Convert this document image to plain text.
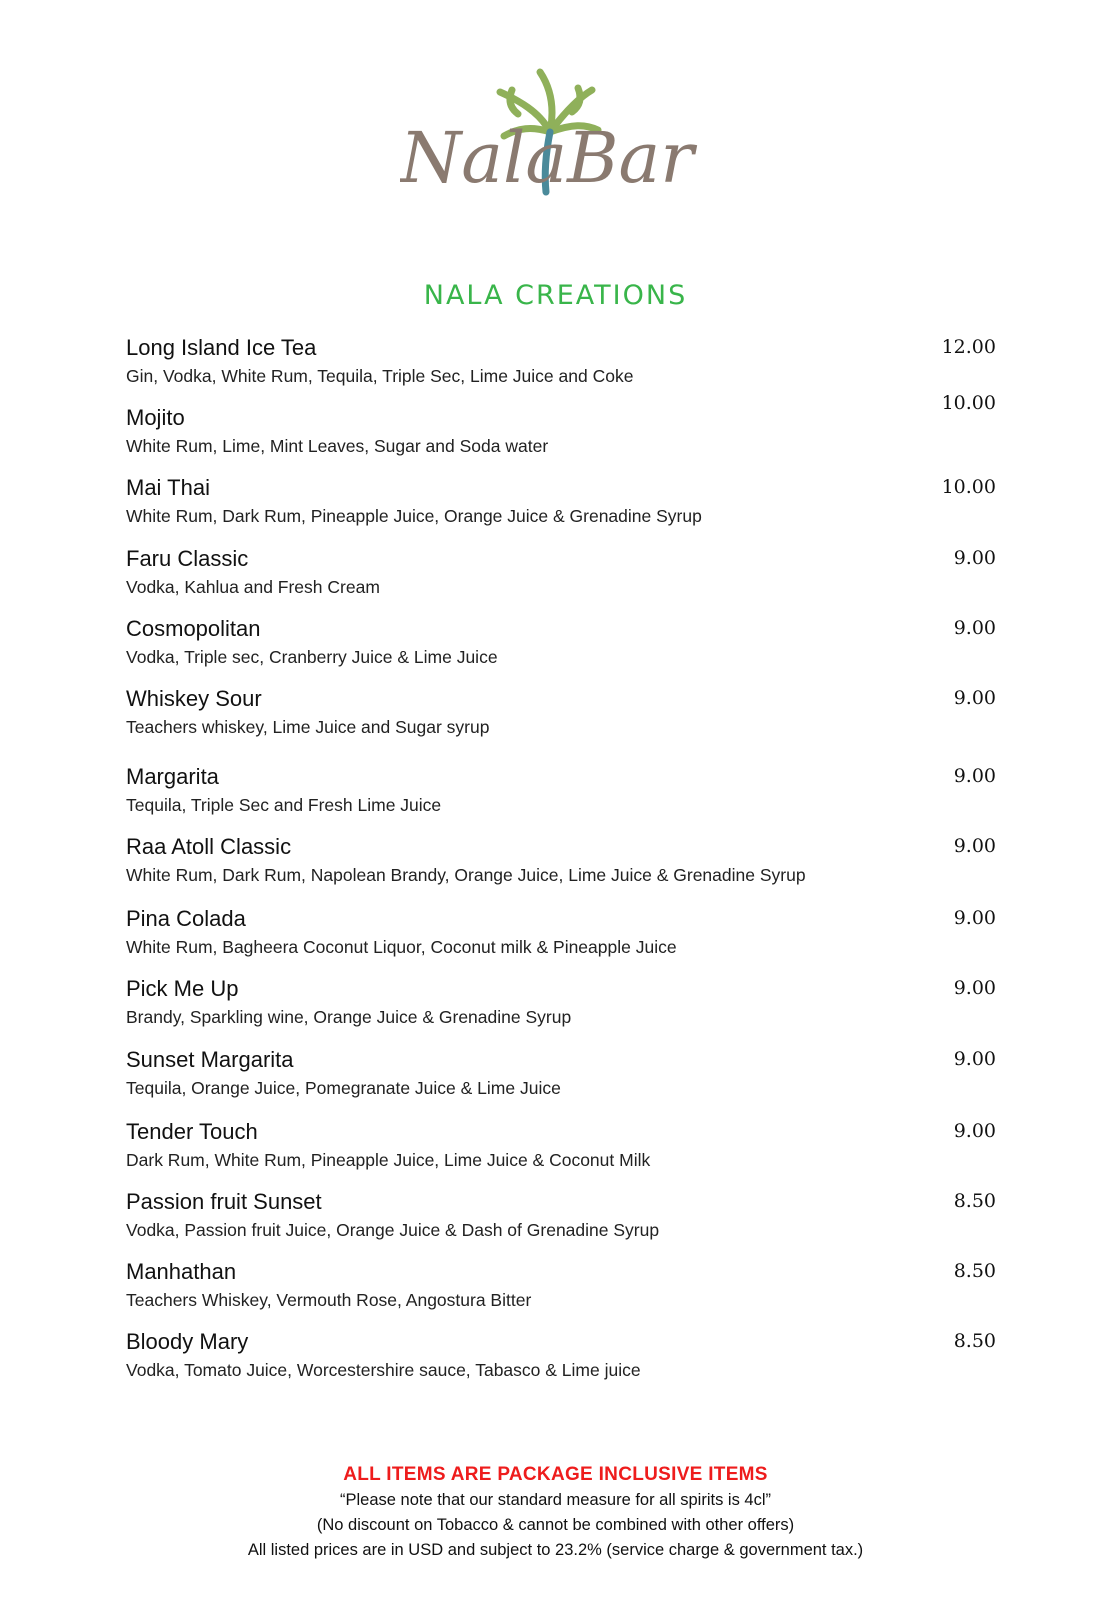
NalaBar
NALA CREATIONS
Long Island Ice Tea
Gin, Vodka, White Rum, Tequila, Triple Sec, Lime Juice and Coke
12.00
Mojito
White Rum, Lime, Mint Leaves, Sugar and Soda water
10.00
Mai Thai
White Rum, Dark Rum, Pineapple Juice, Orange Juice & Grenadine Syrup
10.00
Faru Classic
Vodka, Kahlua and Fresh Cream
9.00
Cosmopolitan
Vodka, Triple sec, Cranberry Juice & Lime Juice
9.00
Whiskey Sour
Teachers whiskey, Lime Juice and Sugar syrup
9.00
Margarita
Tequila, Triple Sec and Fresh Lime Juice
9.00
Raa Atoll Classic
White Rum, Dark Rum, Napolean Brandy, Orange Juice, Lime Juice & Grenadine Syrup
9.00
Pina Colada
White Rum, Bagheera Coconut Liquor, Coconut milk & Pineapple Juice
9.00
Pick Me Up
Brandy, Sparkling wine, Orange Juice & Grenadine Syrup
9.00
Sunset Margarita
Tequila, Orange Juice, Pomegranate Juice & Lime Juice
9.00
Tender Touch
Dark Rum, White Rum, Pineapple Juice, Lime Juice & Coconut Milk
9.00
Passion fruit Sunset
Vodka, Passion fruit Juice, Orange Juice & Dash of Grenadine Syrup
8.50
Manhathan
Teachers Whiskey, Vermouth Rose, Angostura Bitter
8.50
Bloody Mary
Vodka, Tomato Juice, Worcestershire sauce, Tabasco & Lime juice
8.50
ALL ITEMS ARE PACKAGE INCLUSIVE ITEMS
“Please note that our standard measure for all spirits is 4cl”
(No discount on Tobacco & cannot be combined with other offers)
All listed prices are in USD and subject to 23.2% (service charge & government tax.)
